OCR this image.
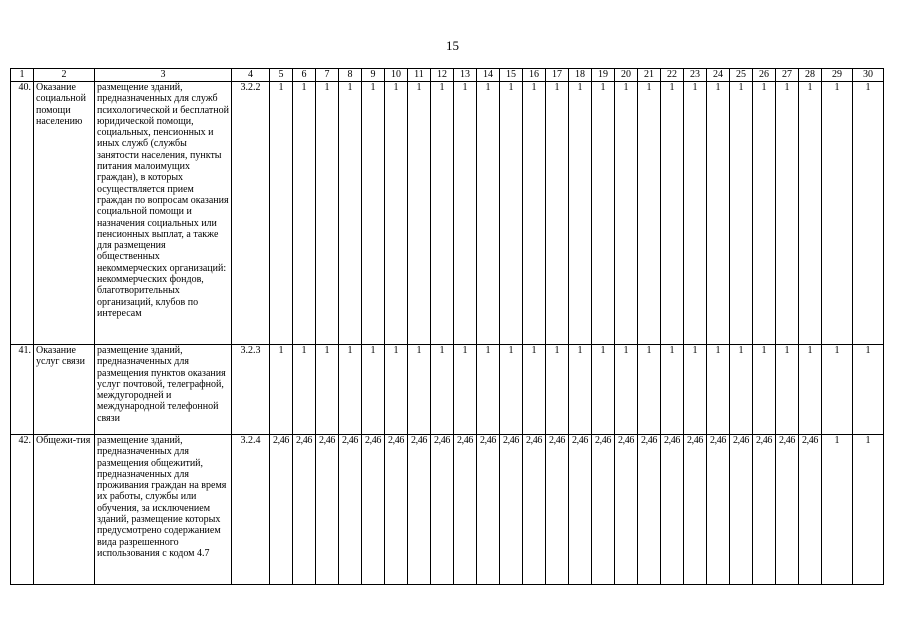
15
1	2	3	4	5	6	7	8	9	10	11	12	13	14	15	16	17	18	19	20	21	22	23	24	25	26	27	28	29	30
40.	Оказание социальной помощи населению	размещение зданий, предназначенных для служб психологической и бесплатной юридической помощи, социальных, пенсионных и иных служб (службы занятости населения, пункты питания малоимущих граждан), в которых осуществляется прием граждан по вопросам оказания социальной помощи и назначения социальных или пенсионных выплат, а также для размещения общественных некоммерческих организаций: некоммерческих фондов, благотворительных организаций, клубов по интересам	3.2.2	1	1	1	1	1	1	1	1	1	1	1	1	1	1	1	1	1	1	1	1	1	1	1	1	1	1
41.	Оказание услуг связи	размещение зданий, предназначенных для размещения пунктов оказания услуг почтовой, телеграфной, междугородней и международной телефонной связи	3.2.3	1	1	1	1	1	1	1	1	1	1	1	1	1	1	1	1	1	1	1	1	1	1	1	1	1	1
42.	Общежи-тия	размещение зданий, предназначенных для размещения общежитий, предназначенных для проживания граждан на время их работы, службы или обучения, за исключением зданий, размещение которых предусмотрено содержанием вида разрешенного использования с кодом 4.7	3.2.4	2,46	2,46	2,46	2,46	2,46	2,46	2,46	2,46	2,46	2,46	2,46	2,46	2,46	2,46	2,46	2,46	2,46	2,46	2,46	2,46	2,46	2,46	2,46	2,46	1	1
